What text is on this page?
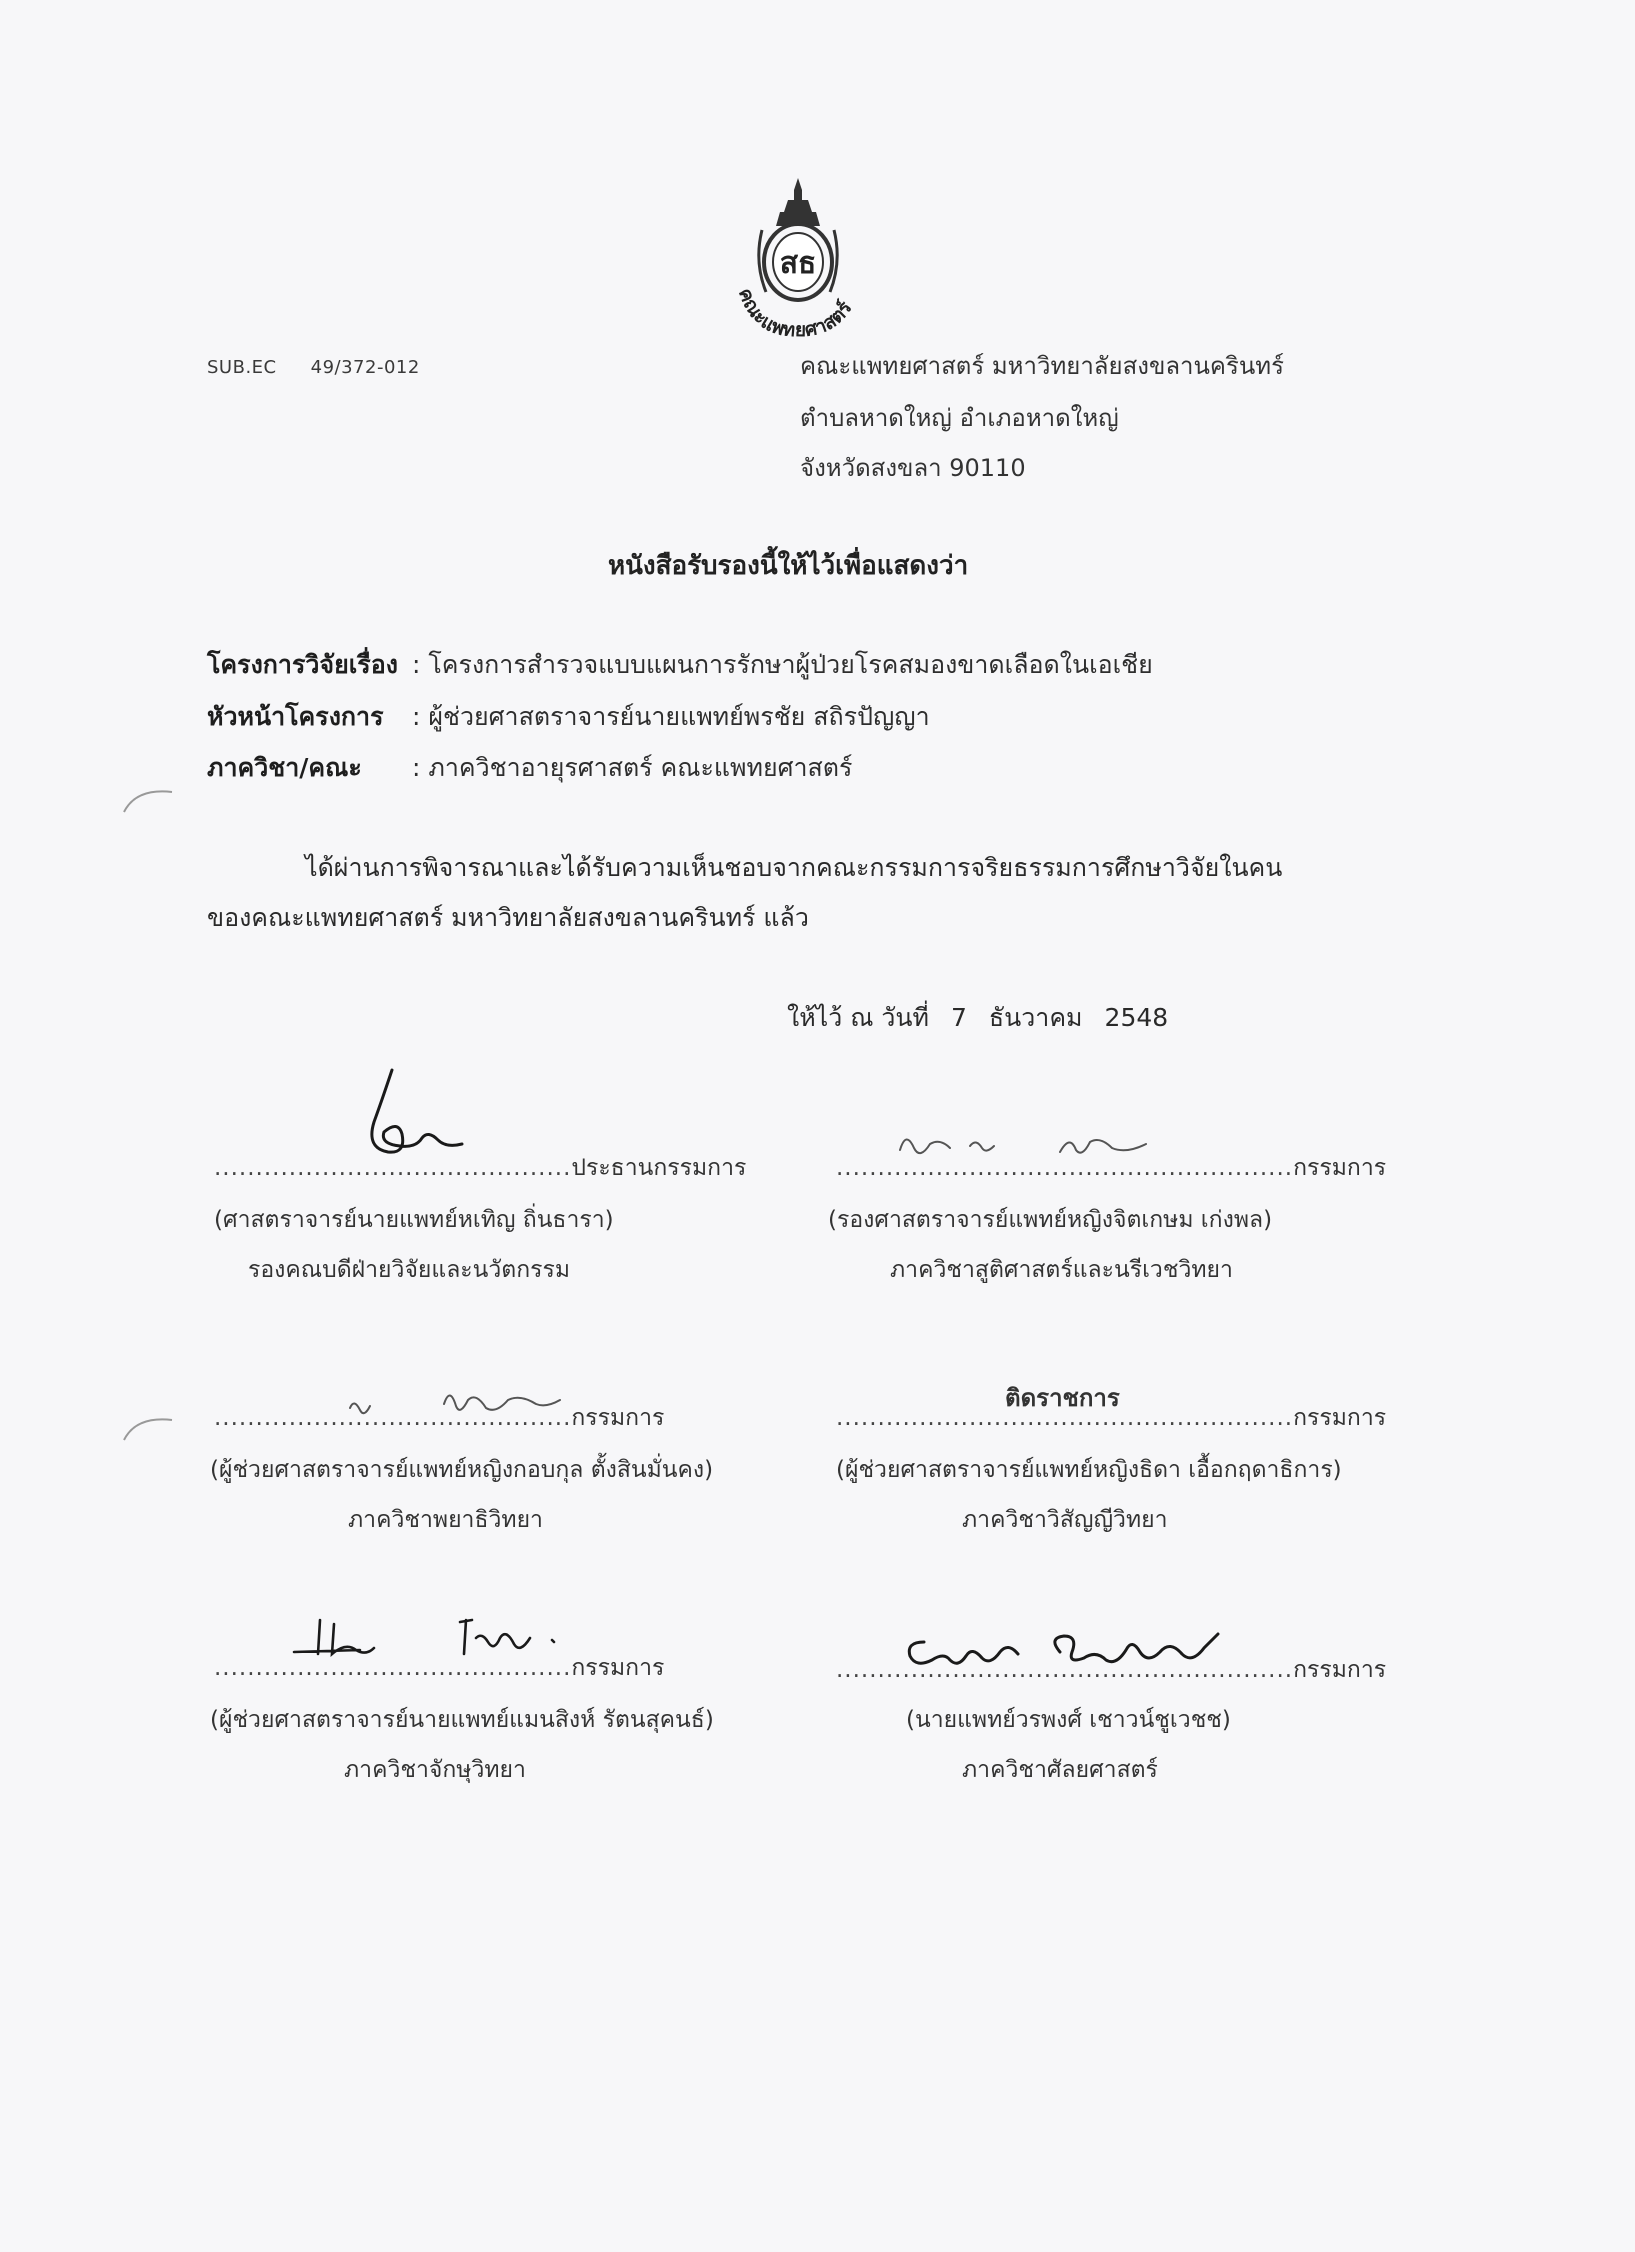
สธ
คณะแพทยศาสตร์
SUB.EC 49/372-012	คณะแพทยศาสตร์ มหาวิทยาลัยสงขลานครินทร์
ตำบลหาดใหญ่ อำเภอหาดใหญ่
จังหวัดสงขลา 90110
หนังสือรับรองนี้ให้ไว้เพื่อแสดงว่า
โครงการวิจัยเรื่อง : โครงการสำรวจแบบแผนการรักษาผู้ป่วยโรคสมองขาดเลือดในเอเชีย
หัวหน้าโครงการ : ผู้ช่วยศาสตราจารย์นายแพทย์พรชัย สถิรปัญญา
ภาควิชา/คณะ : ภาควิชาอายุรศาสตร์ คณะแพทยศาสตร์
ได้ผ่านการพิจารณาและได้รับความเห็นชอบจากคณะกรรมการจริยธรรมการศึกษาวิจัยในคน
ของคณะแพทยศาสตร์ มหาวิทยาลัยสงขลานครินทร์ แล้ว
ให้ไว้ ณ วันที่ 7 ธันวาคม 2548
...........................................ประธานกรรมการ
(ศาสตราจารย์นายแพทย์หเทิญ ถิ่นธารา)
รองคณบดีฝ่ายวิจัยและนวัตกรรม
.......................................................กรรมการ
(รองศาสตราจารย์แพทย์หญิงจิตเกษม เก่งพล)
ภาควิชาสูติศาสตร์และนรีเวชวิทยา
...........................................กรรมการ
(ผู้ช่วยศาสตราจารย์แพทย์หญิงกอบกุล ตั้งสินมั่นคง)
ภาควิชาพยาธิวิทยา
ติดราชการ
.......................................................กรรมการ
(ผู้ช่วยศาสตราจารย์แพทย์หญิงธิดา เอื้อกฤดาธิการ)
ภาควิชาวิสัญญีวิทยา
...........................................กรรมการ
(ผู้ช่วยศาสตราจารย์นายแพทย์แมนสิงห์ รัตนสุคนธ์)
ภาควิชาจักษุวิทยา
.......................................................กรรมการ
(นายแพทย์วรพงศ์ เชาวน์ชูเวชช)
ภาควิชาศัลยศาสตร์
